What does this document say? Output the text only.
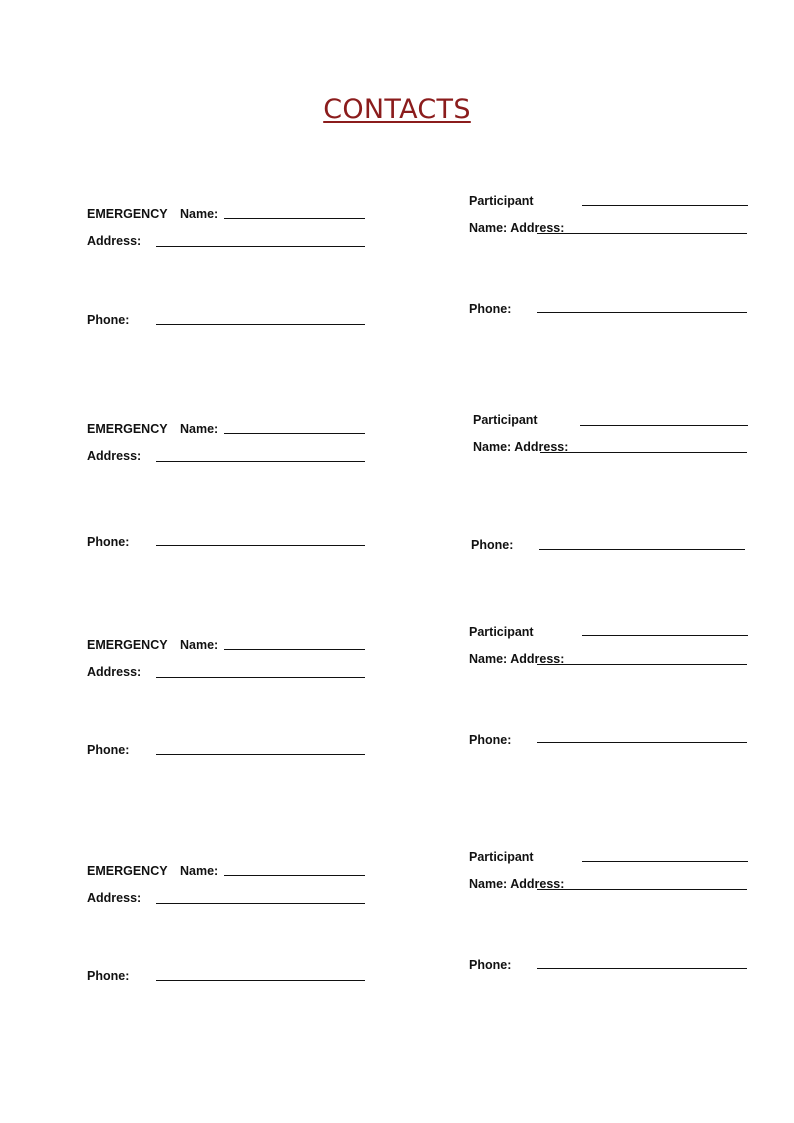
CONTACTS
EMERGENCY Name:
Address:
Phone:
Participant
Name: Address:
Phone:
EMERGENCY Name:
Address:
Phone:
Participant
Name: Address:
Phone:
EMERGENCY Name:
Address:
Phone:
Participant
Name: Address:
Phone:
EMERGENCY Name:
Address:
Phone:
Participant
Name: Address:
Phone:
